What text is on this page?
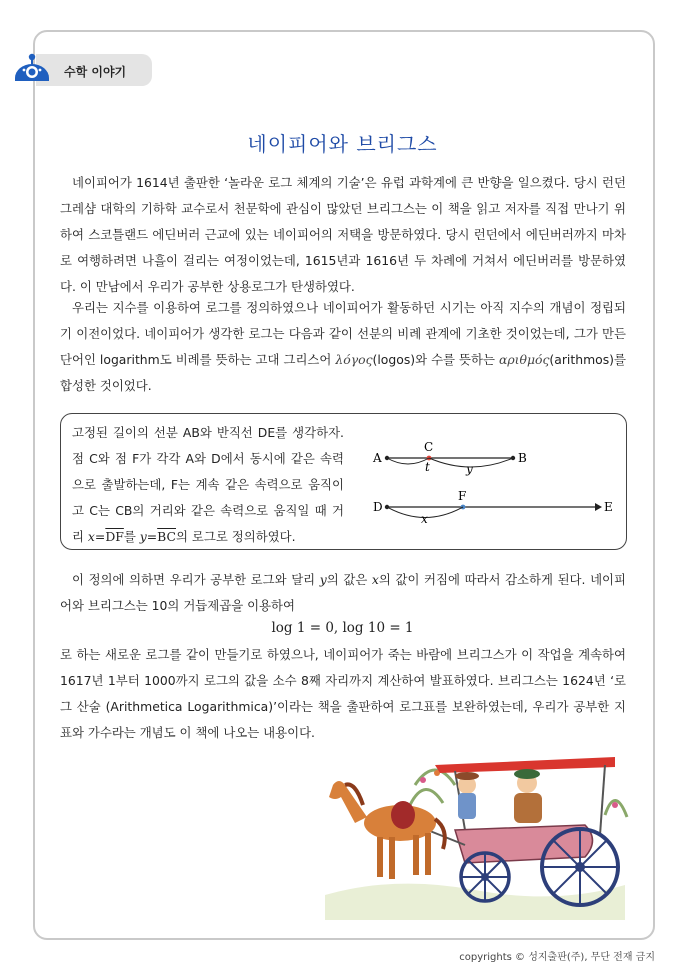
수학 이야기
네이피어와 브리그스

네이피어가 1614년 출판한 ‘놀라운 로그 체계의 기술’은 유럽 과학계에 큰 반향을 일으켰다. 당시 런던 그레샴 대학의 기하학 교수로서 천문학에 관심이 많았던 브리그스는 이 책을 읽고 저자를 직접 만나기 위하여 스코틀랜드 에딘버러 근교에 있는 네이피어의 저택을 방문하였다. 당시 런던에서 에딘버러까지 마차로 여행하려면 나흘이 걸리는 여정이었는데, 1615년과 1616년 두 차례에 거쳐서 에딘버러를 방문하였다. 이 만남에서 우리가 공부한 상용로그가 탄생하였다.

우리는 지수를 이용하여 로그를 정의하였으나 네이피어가 활동하던 시기는 아직 지수의 개념이 정립되기 이전이었다. 네이피어가 생각한 로그는 다음과 같이 선분의 비례 관계에 기초한 것이었는데, 그가 만든 단어인 logarithm도 비례를 뜻하는 고대 그리스어 λόγος(logos)와 수를 뜻하는 αριθμός(arithmos)를 합성한 것이었다.

고정된 길이의 선분 AB와 반직선 DE를 생각하자. 점 C와 점 F가 각각 A와 D에서 동시에 같은 속력으로 출발하는데, F는 계속 같은 속력으로 움직이고 C는 CB의 거리와 같은 속력으로 움직일 때 거리 $x=\overline{DF}$를 $y=\overline{BC}$의 로그로 정의하였다.

A	B
C
t	y
D	E
F
x

이 정의에 의하면 우리가 공부한 로그와 달리 y의 값은 x의 값이 커짐에 따라서 감소하게 된다. 네이피어와 브리그스는 10의 거듭제곱을 이용하여

log 1 = 0, log 10 = 1

로 하는 새로운 로그를 같이 만들기로 하였으나, 네이피어가 죽는 바람에 브리그스가 이 작업을 계속하여 1617년 1부터 1000까지 로그의 값을 소수 8째 자리까지 계산하여 발표하였다. 브리그스는 1624년 ‘로그 산술 (Arithmetica Logarithmica)’이라는 책을 출판하여 로그표를 보완하였는데, 우리가 공부한 지표와 가수라는 개념도 이 책에 나오는 내용이다.

copyrights © 성지출판(주), 무단 전재 금지
